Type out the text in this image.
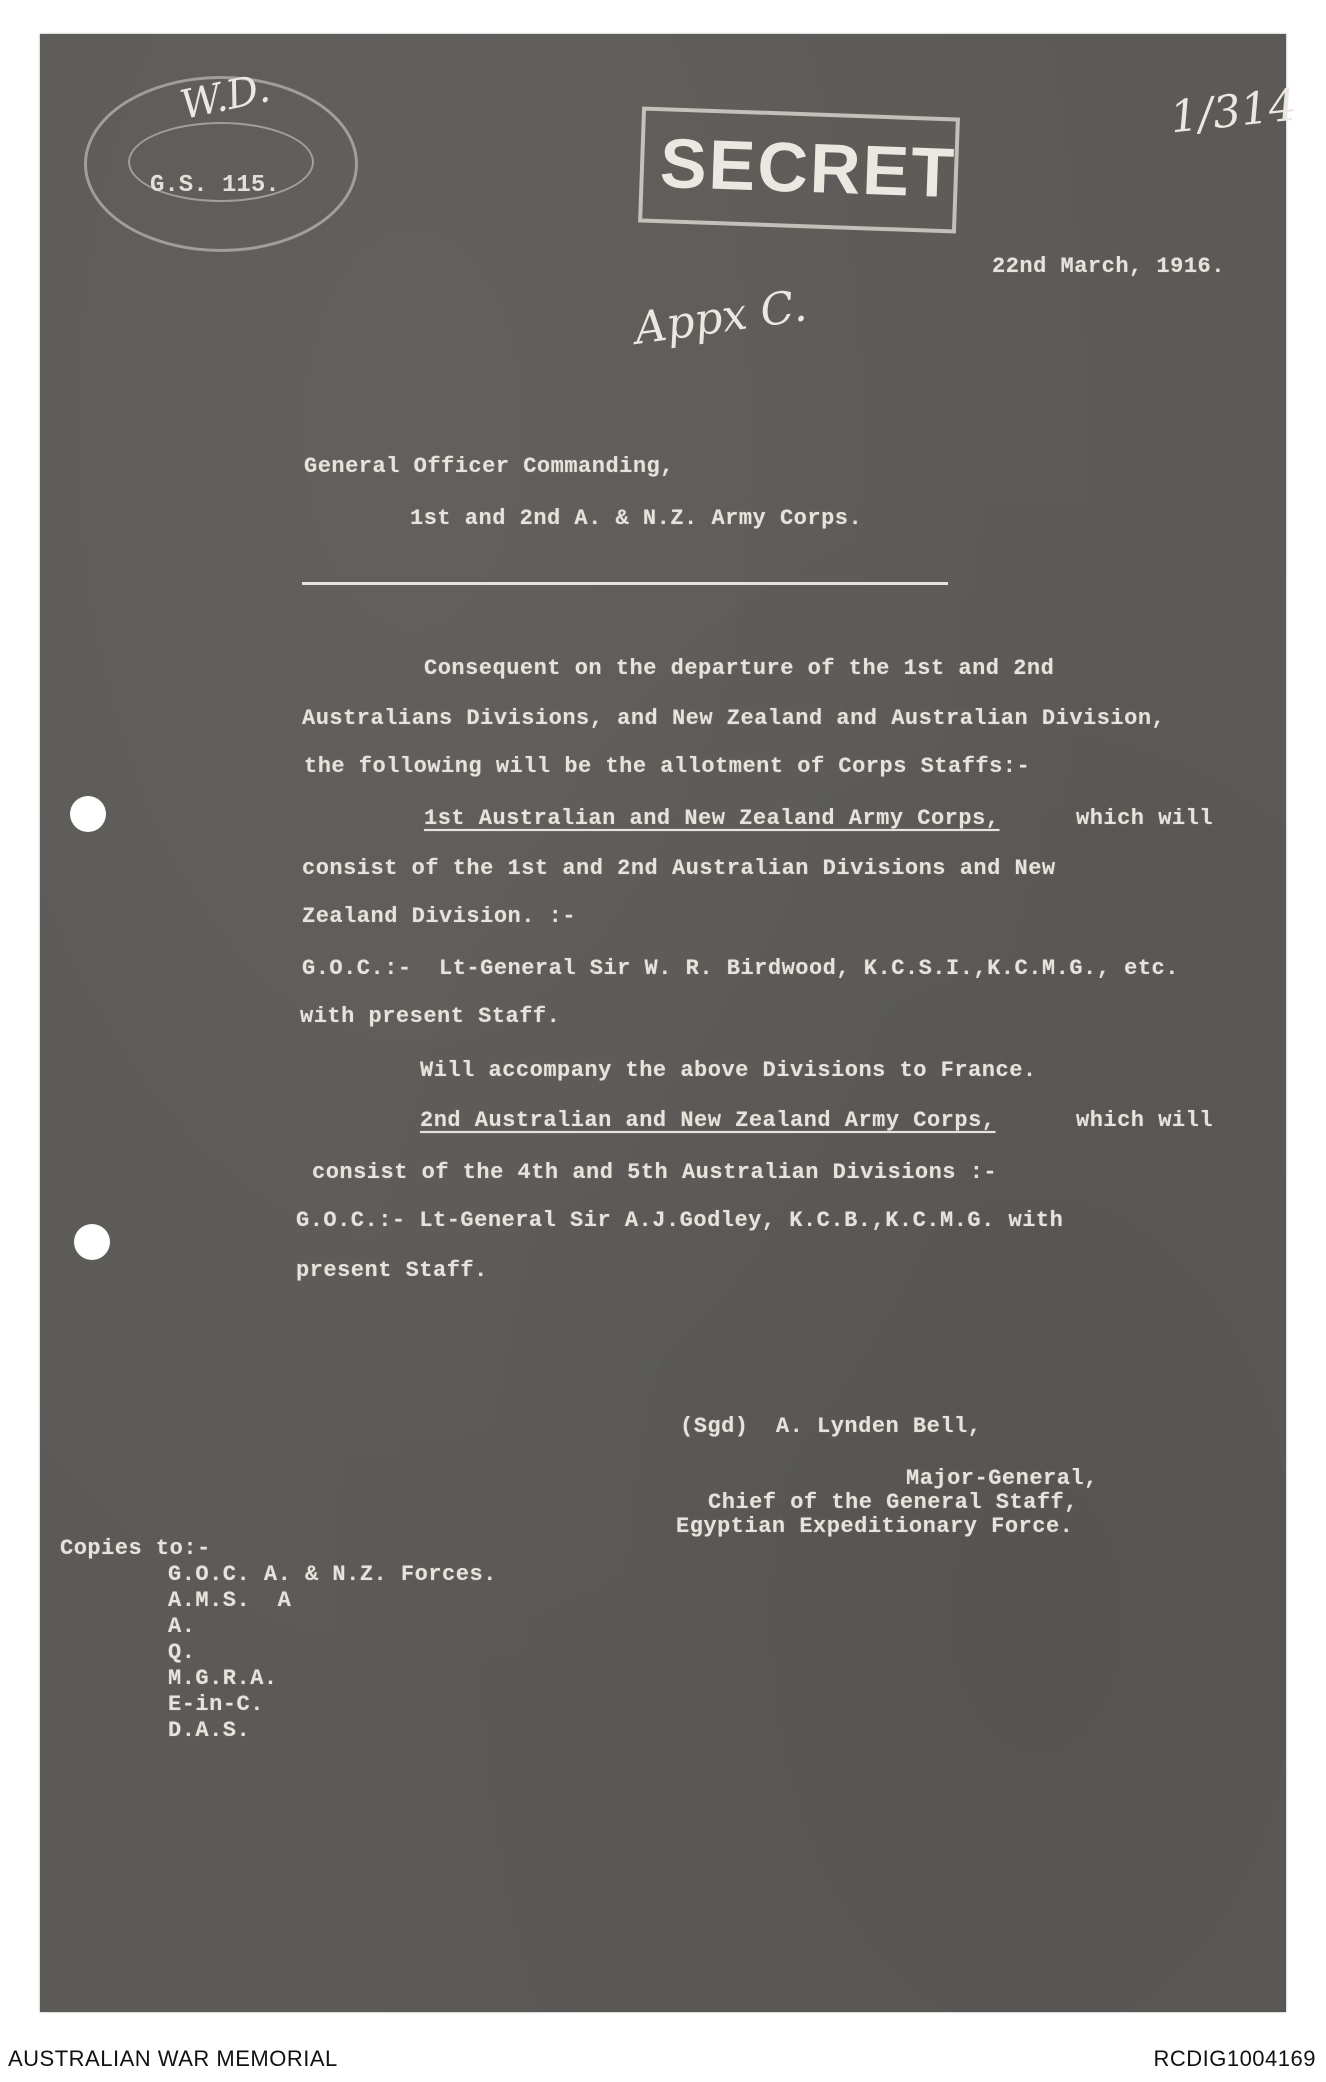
G.S. 115.
W.D.
SECRET
1/314
Appx C.
22nd March, 1916.
General Officer Commanding,
1st and 2nd A. & N.Z. Army Corps.
Consequent on the departure of the 1st and 2nd
Australians Divisions, and New Zealand and Australian Division,
the following will be the allotment of Corps Staffs:-
1st Australian and New Zealand Army Corps,	which will
consist of the 1st and 2nd Australian Divisions and New
Zealand Division. :-
G.O.C.:-  Lt-General Sir W. R. Birdwood, K.C.S.I.,K.C.M.G., etc.
with present Staff.
Will accompany the above Divisions to France.
2nd Australian and New Zealand Army Corps,	which will
consist of the 4th and 5th Australian Divisions :-
G.O.C.:- Lt-General Sir A.J.Godley, K.C.B.,K.C.M.G. with
present Staff.
(Sgd)  A. Lynden Bell,
Major-General,
Chief of the General Staff,
Egyptian Expeditionary Force.
Copies to:-
G.O.C. A. & N.Z. Forces.
A.M.S.  A
A.
Q.
M.G.R.A.
E-in-C.
D.A.S.
AUSTRALIAN WAR MEMORIAL	RCDIG1004169
